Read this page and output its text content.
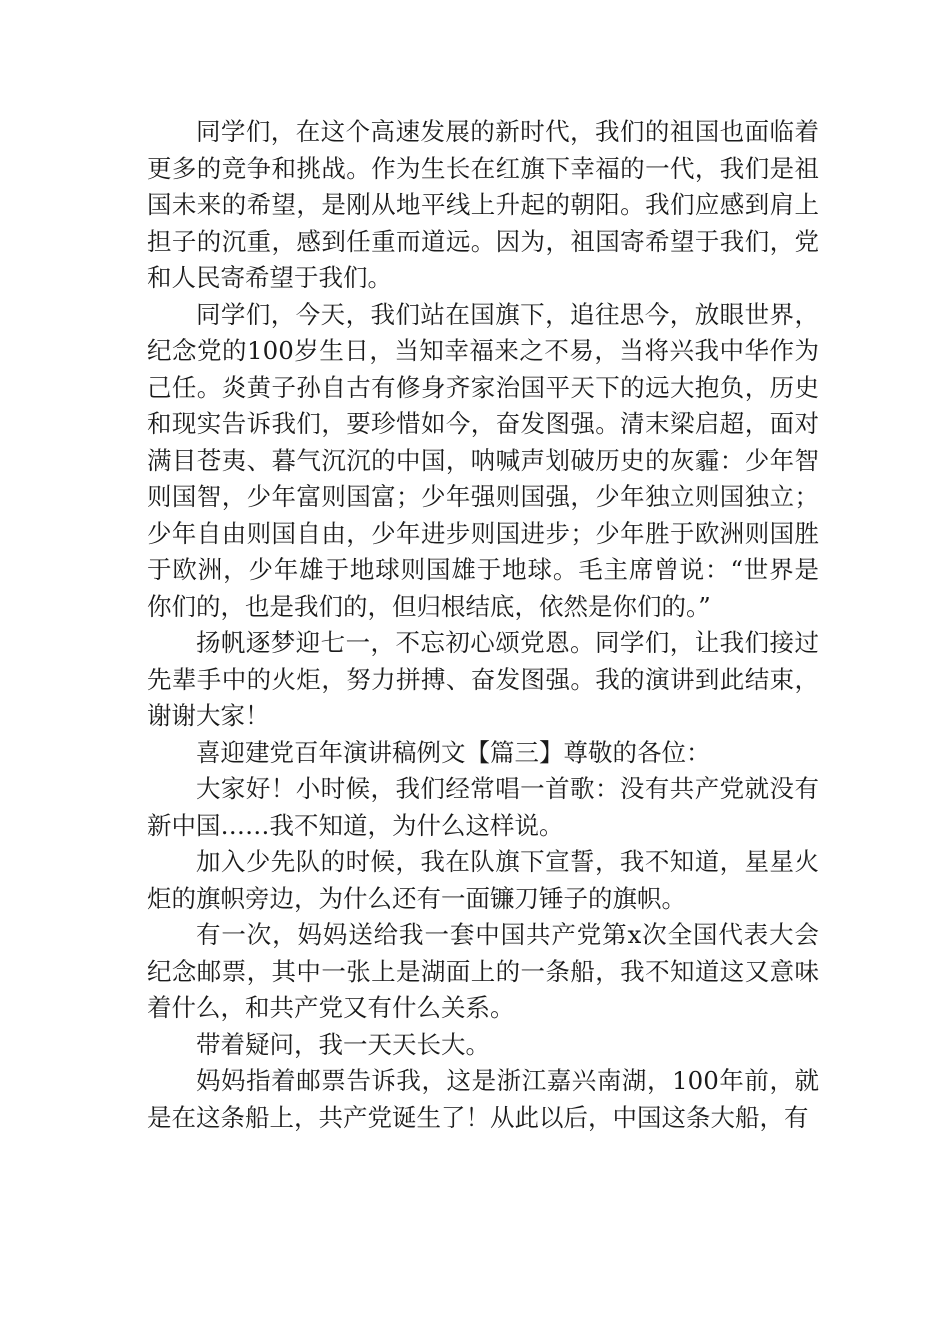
同学们，在这个高速发展的新时代，我们的祖国也面临着更多的竞争和挑战。作为生长在红旗下幸福的一代，我们是祖国未来的希望，是刚从地平线上升起的朝阳。我们应感到肩上担子的沉重，感到任重而道远。因为，祖国寄希望于我们，党和人民寄希望于我们。

同学们，今天，我们站在国旗下，追往思今，放眼世界，纪念党的100岁生日，当知幸福来之不易，当将兴我中华作为己任。炎黄子孙自古有修身齐家治国平天下的远大抱负，历史和现实告诉我们，要珍惜如今，奋发图强。清末梁启超，面对满目苍夷、暮气沉沉的中国，呐喊声划破历史的灰霾：少年智则国智，少年富则国富；少年强则国强，少年独立则国独立；少年自由则国自由，少年进步则国进步；少年胜于欧洲则国胜于欧洲，少年雄于地球则国雄于地球。毛主席曾说：“世界是你们的，也是我们的，但归根结底，依然是你们的。”

扬帆逐梦迎七一，不忘初心颂党恩。同学们，让我们接过先辈手中的火炬，努力拼搏、奋发图强。我的演讲到此结束，谢谢大家！

喜迎建党百年演讲稿例文【篇三】尊敬的各位：

大家好！小时候，我们经常唱一首歌：没有共产党就没有新中国……我不知道，为什么这样说。

加入少先队的时候，我在队旗下宣誓，我不知道，星星火炬的旗帜旁边，为什么还有一面镰刀锤子的旗帜。

有一次，妈妈送给我一套中国共产党第x次全国代表大会纪念邮票，其中一张上是湖面上的一条船，我不知道这又意味着什么，和共产党又有什么关系。

带着疑问，我一天天长大。

妈妈指着邮票告诉我，这是浙江嘉兴南湖，100年前，就是在这条船上，共产党诞生了！从此以后，中国这条大船，有
